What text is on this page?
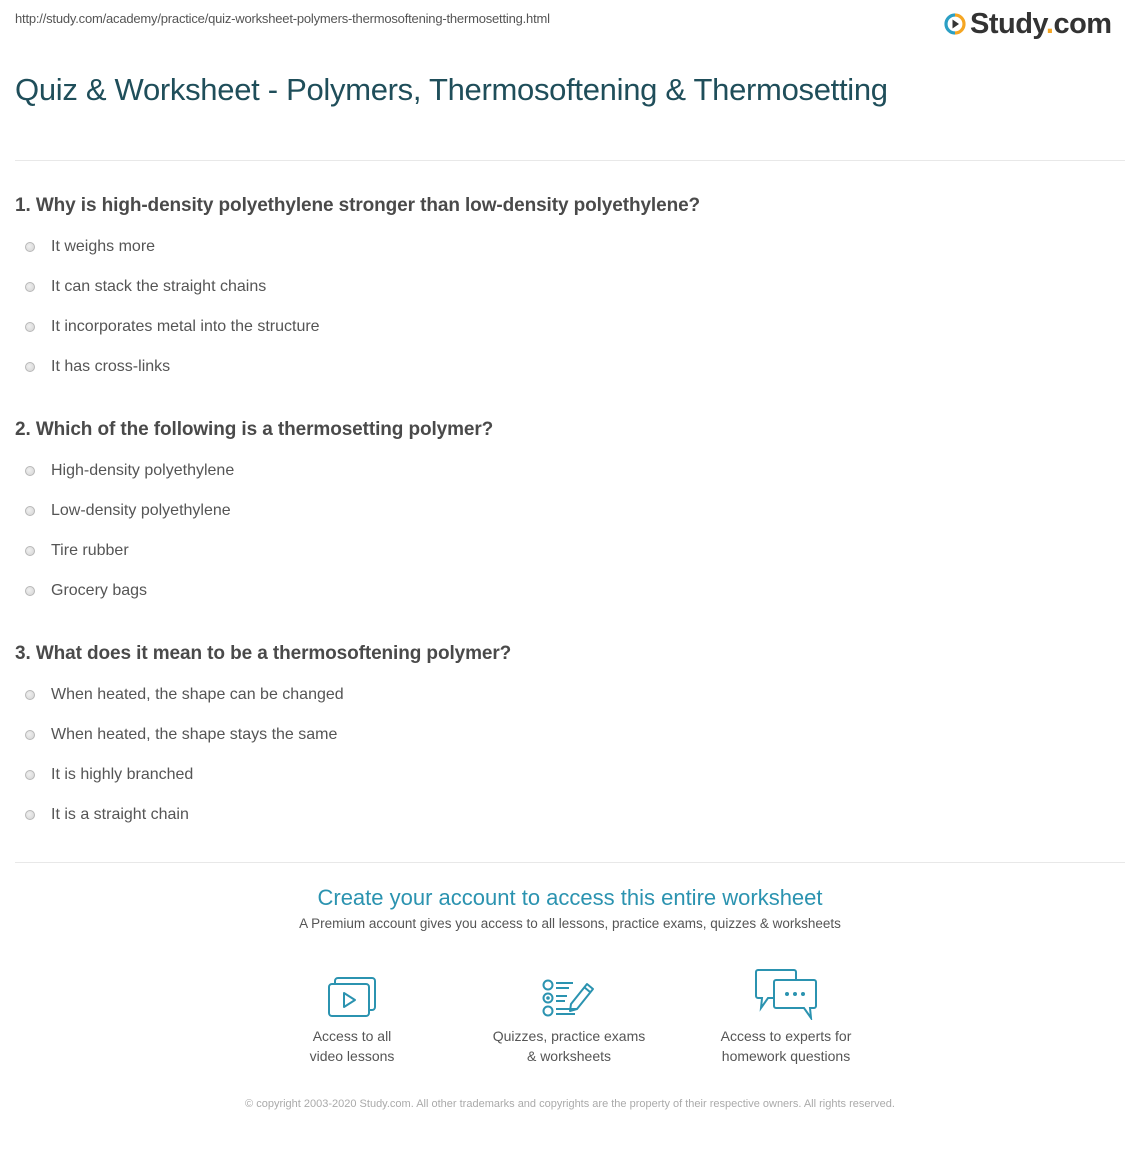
http://study.com/academy/practice/quiz-worksheet-polymers-thermosoftening-thermosetting.html	Study.com
Quiz & Worksheet - Polymers, Thermosoftening & Thermosetting
1. Why is high-density polyethylene stronger than low-density polyethylene?
It weighs more
It can stack the straight chains
It incorporates metal into the structure
It has cross-links
2. Which of the following is a thermosetting polymer?
High-density polyethylene
Low-density polyethylene
Tire rubber
Grocery bags
3. What does it mean to be a thermosoftening polymer?
When heated, the shape can be changed
When heated, the shape stays the same
It is highly branched
It is a straight chain
Create your account to access this entire worksheet
A Premium account gives you access to all lessons, practice exams, quizzes & worksheets
Access to all
video lessons
Quizzes, practice exams
& worksheets
Access to experts for
homework questions
© copyright 2003-2020 Study.com. All other trademarks and copyrights are the property of their respective owners. All rights reserved.
